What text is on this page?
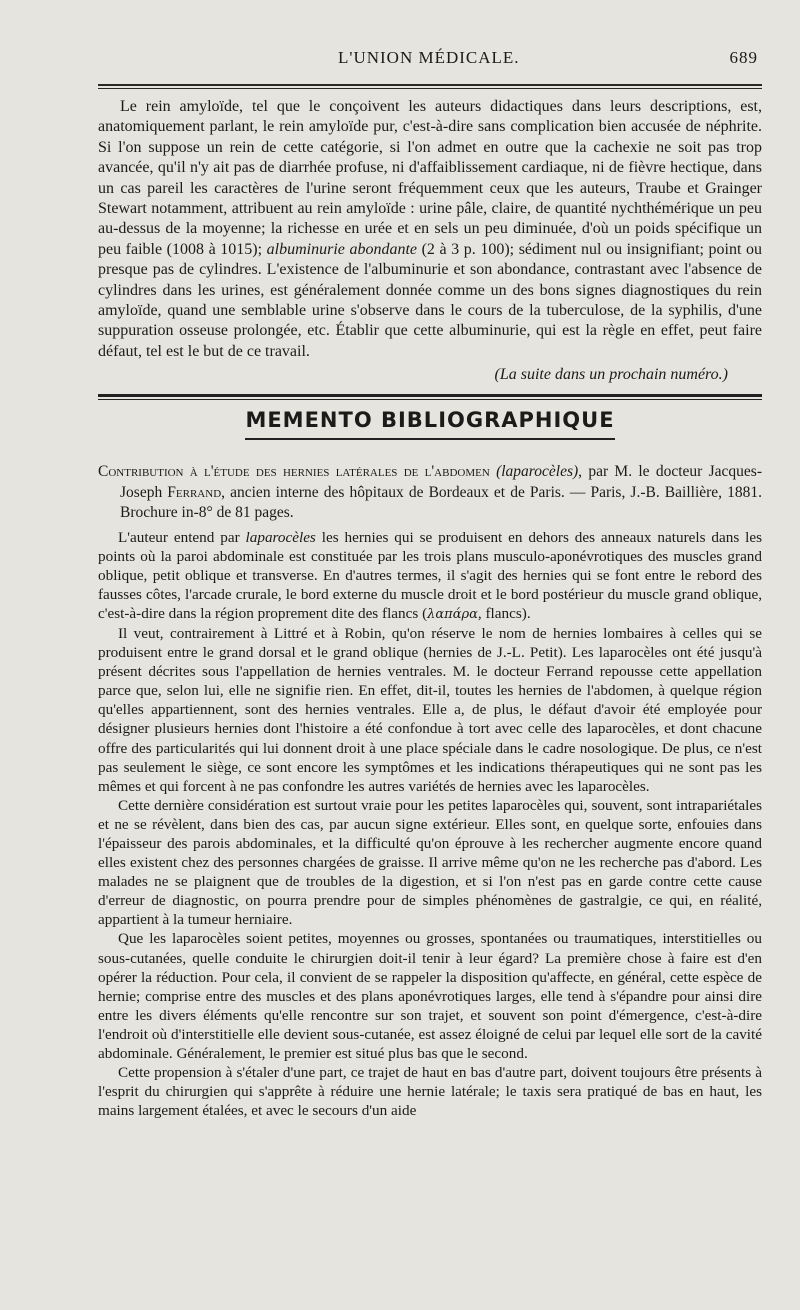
L'UNION MÉDICALE.	689

Le rein amyloïde, tel que le conçoivent les auteurs didactiques dans leurs descriptions, est, anatomiquement parlant, le rein amyloïde pur, c'est-à-dire sans complication bien accusée de néphrite. Si l'on suppose un rein de cette catégorie, si l'on admet en outre que la cachexie ne soit pas trop avancée, qu'il n'y ait pas de diarrhée profuse, ni d'affaiblissement cardiaque, ni de fièvre hectique, dans un cas pareil les caractères de l'urine seront fréquemment ceux que les auteurs, Traube et Grainger Stewart notamment, attribuent au rein amyloïde : urine pâle, claire, de quantité nychthémérique un peu au-dessus de la moyenne; la richesse en urée et en sels un peu diminuée, d'où un poids spécifique un peu faible (1008 à 1015); albuminurie abondante (2 à 3 p. 100); sédiment nul ou insignifiant; point ou presque pas de cylindres. L'existence de l'albuminurie et son abondance, contrastant avec l'absence de cylindres dans les urines, est généralement donnée comme un des bons signes diagnostiques du rein amyloïde, quand une semblable urine s'observe dans le cours de la tuberculose, de la syphilis, d'une suppuration osseuse prolongée, etc. Établir que cette albuminurie, qui est la règle en effet, peut faire défaut, tel est le but de ce travail.

(La suite dans un prochain numéro.)
MEMENTO BIBLIOGRAPHIQUE
Contribution à l'étude des hernies latérales de l'abdomen (laparocèles), par M. le docteur Jacques-Joseph Ferrand, ancien interne des hôpitaux de Bordeaux et de Paris. — Paris, J.-B. Baillière, 1881. Brochure in-8° de 81 pages.

L'auteur entend par laparocèles les hernies qui se produisent en dehors des anneaux naturels dans les points où la paroi abdominale est constituée par les trois plans musculo-aponévrotiques des muscles grand oblique, petit oblique et transverse. En d'autres termes, il s'agit des hernies qui se font entre le rebord des fausses côtes, l'arcade crurale, le bord externe du muscle droit et le bord postérieur du muscle grand oblique, c'est-à-dire dans la région proprement dite des flancs (λαπάρα, flancs).

Il veut, contrairement à Littré et à Robin, qu'on réserve le nom de hernies lombaires à celles qui se produisent entre le grand dorsal et le grand oblique (hernies de J.-L. Petit). Les laparocèles ont été jusqu'à présent décrites sous l'appellation de hernies ventrales. M. le docteur Ferrand repousse cette appellation parce que, selon lui, elle ne signifie rien. En effet, dit-il, toutes les hernies de l'abdomen, à quelque région qu'elles appartiennent, sont des hernies ventrales. Elle a, de plus, le défaut d'avoir été employée pour désigner plusieurs hernies dont l'histoire a été confondue à tort avec celle des laparocèles, et dont chacune offre des particularités qui lui donnent droit à une place spéciale dans le cadre nosologique. De plus, ce n'est pas seulement le siège, ce sont encore les symptômes et les indications thérapeutiques qui ne sont pas les mêmes et qui forcent à ne pas confondre les autres variétés de hernies avec les laparocèles.

Cette dernière considération est surtout vraie pour les petites laparocèles qui, souvent, sont intrapariétales et ne se révèlent, dans bien des cas, par aucun signe extérieur. Elles sont, en quelque sorte, enfouies dans l'épaisseur des parois abdominales, et la difficulté qu'on éprouve à les rechercher augmente encore quand elles existent chez des personnes chargées de graisse. Il arrive même qu'on ne les recherche pas d'abord. Les malades ne se plaignent que de troubles de la digestion, et si l'on n'est pas en garde contre cette cause d'erreur de diagnostic, on pourra prendre pour de simples phénomènes de gastralgie, ce qui, en réalité, appartient à la tumeur herniaire.

Que les laparocèles soient petites, moyennes ou grosses, spontanées ou traumatiques, interstitielles ou sous-cutanées, quelle conduite le chirurgien doit-il tenir à leur égard? La première chose à faire est d'en opérer la réduction. Pour cela, il convient de se rappeler la disposition qu'affecte, en général, cette espèce de hernie; comprise entre des muscles et des plans aponévrotiques larges, elle tend à s'épandre pour ainsi dire entre les divers éléments qu'elle rencontre sur son trajet, et souvent son point d'émergence, c'est-à-dire l'endroit où d'interstitielle elle devient sous-cutanée, est assez éloigné de celui par lequel elle sort de la cavité abdominale. Généralement, le premier est situé plus bas que le second.

Cette propension à s'étaler d'une part, ce trajet de haut en bas d'autre part, doivent toujours être présents à l'esprit du chirurgien qui s'apprête à réduire une hernie latérale; le taxis sera pratiqué de bas en haut, les mains largement étalées, et avec le secours d'un aide
